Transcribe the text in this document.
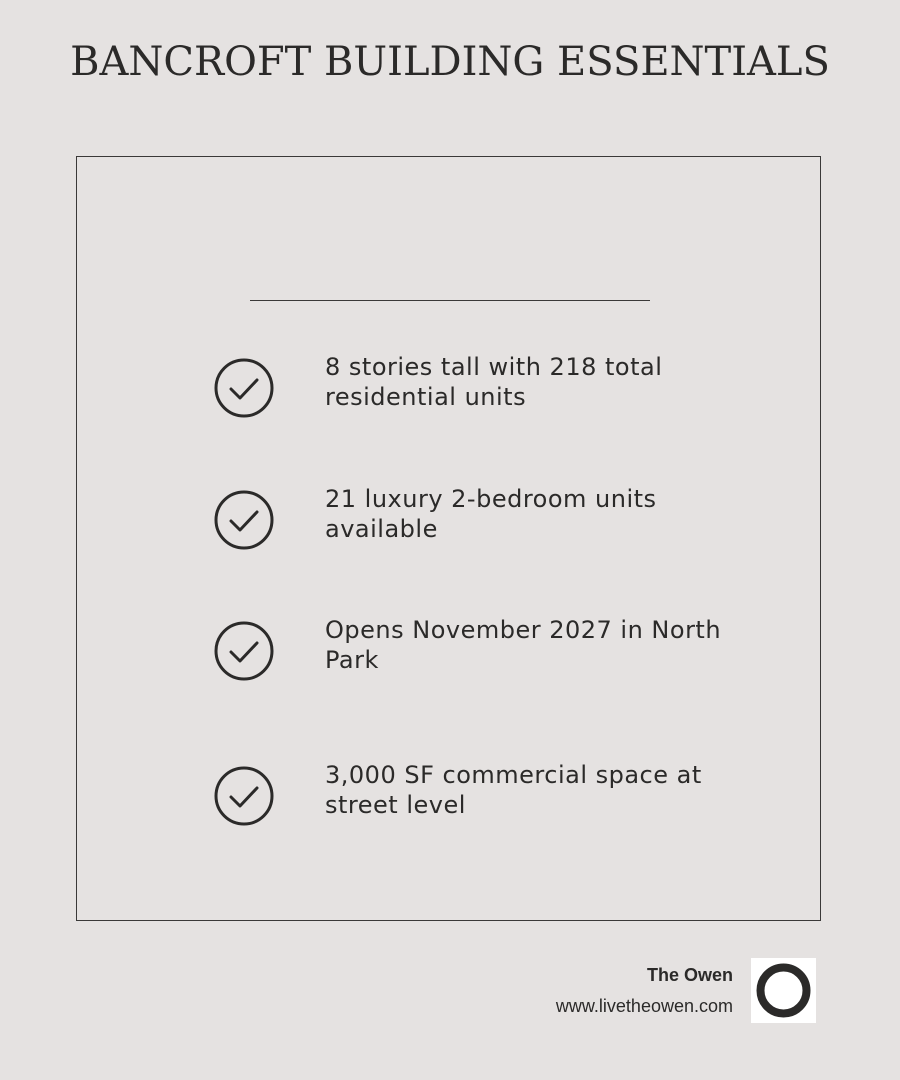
BANCROFT BUILDING ESSENTIALS
8 stories tall with 218 total residential units
21 luxury 2-bedroom units available
Opens November 2027 in North Park
3,000 SF commercial space at street level
The Owen
www.livetheowen.com
